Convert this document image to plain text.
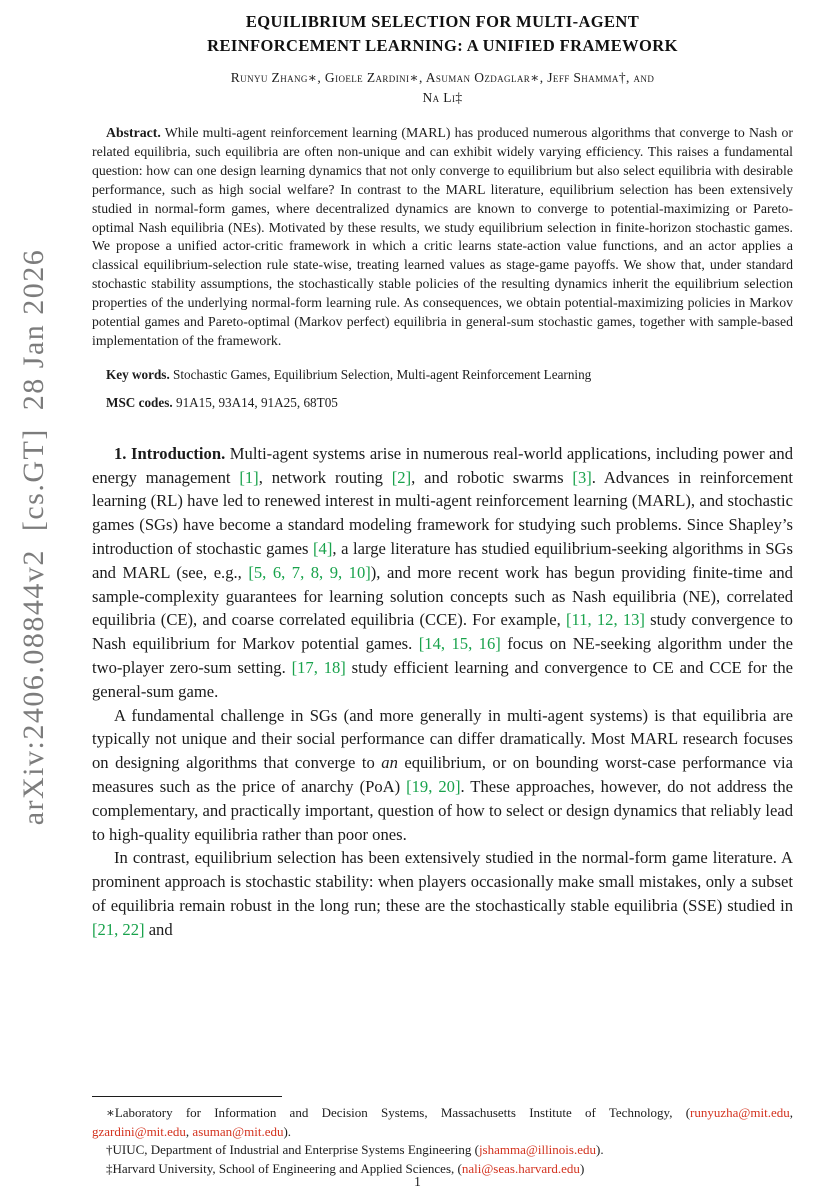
arXiv:2406.08844v2  [cs.GT]  28 Jan 2026
EQUILIBRIUM SELECTION FOR MULTI-AGENT
REINFORCEMENT LEARNING: A UNIFIED FRAMEWORK
Runyu Zhang∗, Gioele Zardini∗, Asuman Ozdaglar∗, Jeff Shamma†, and
Na Li‡

Abstract. While multi-agent reinforcement learning (MARL) has produced numerous algorithms that converge to Nash or related equilibria, such equilibria are often non-unique and can exhibit widely varying efficiency. This raises a fundamental question: how can one design learning dynamics that not only converge to equilibrium but also select equilibria with desirable performance, such as high social welfare? In contrast to the MARL literature, equilibrium selection has been extensively studied in normal-form games, where decentralized dynamics are known to converge to potential-maximizing or Pareto-optimal Nash equilibria (NEs). Motivated by these results, we study equilibrium selection in finite-horizon stochastic games. We propose a unified actor-critic framework in which a critic learns state-action value functions, and an actor applies a classical equilibrium-selection rule state-wise, treating learned values as stage-game payoffs. We show that, under standard stochastic stability assumptions, the stochastically stable policies of the resulting dynamics inherit the equilibrium selection properties of the underlying normal-form learning rule. As consequences, we obtain potential-maximizing policies in Markov potential games and Pareto-optimal (Markov perfect) equilibria in general-sum stochastic games, together with sample-based implementation of the framework.

Key words. Stochastic Games, Equilibrium Selection, Multi-agent Reinforcement Learning

MSC codes. 91A15, 93A14, 91A25, 68T05

1. Introduction. Multi-agent systems arise in numerous real-world applications, including power and energy management [1], network routing [2], and robotic swarms [3]. Advances in reinforcement learning (RL) have led to renewed interest in multi-agent reinforcement learning (MARL), and stochastic games (SGs) have become a standard modeling framework for studying such problems. Since Shapley’s introduction of stochastic games [4], a large literature has studied equilibrium-seeking algorithms in SGs and MARL (see, e.g., [5, 6, 7, 8, 9, 10]), and more recent work has begun providing finite-time and sample-complexity guarantees for learning solution concepts such as Nash equilibria (NE), correlated equilibria (CE), and coarse correlated equilibria (CCE). For example, [11, 12, 13] study convergence to Nash equilibrium for Markov potential games. [14, 15, 16] focus on NE-seeking algorithm under the two-player zero-sum setting. [17, 18] study efficient learning and convergence to CE and CCE for the general-sum game.

A fundamental challenge in SGs (and more generally in multi-agent systems) is that equilibria are typically not unique and their social performance can differ dramatically. Most MARL research focuses on designing algorithms that converge to an equilibrium, or on bounding worst-case performance via measures such as the price of anarchy (PoA) [19, 20]. These approaches, however, do not address the complementary, and practically important, question of how to select or design dynamics that reliably lead to high-quality equilibria rather than poor ones.

In contrast, equilibrium selection has been extensively studied in the normal-form game literature. A prominent approach is stochastic stability: when players occasionally make small mistakes, only a subset of equilibria remain robust in the long run; these are the stochastically stable equilibria (SSE) studied in [21, 22] and

∗Laboratory for Information and Decision Systems, Massachusetts Institute of Technology, (runyuzha@mit.edu, gzardini@mit.edu, asuman@mit.edu).

†UIUC, Department of Industrial and Enterprise Systems Engineering (jshamma@illinois.edu).

‡Harvard University, School of Engineering and Applied Sciences, (nali@seas.harvard.edu)

1
